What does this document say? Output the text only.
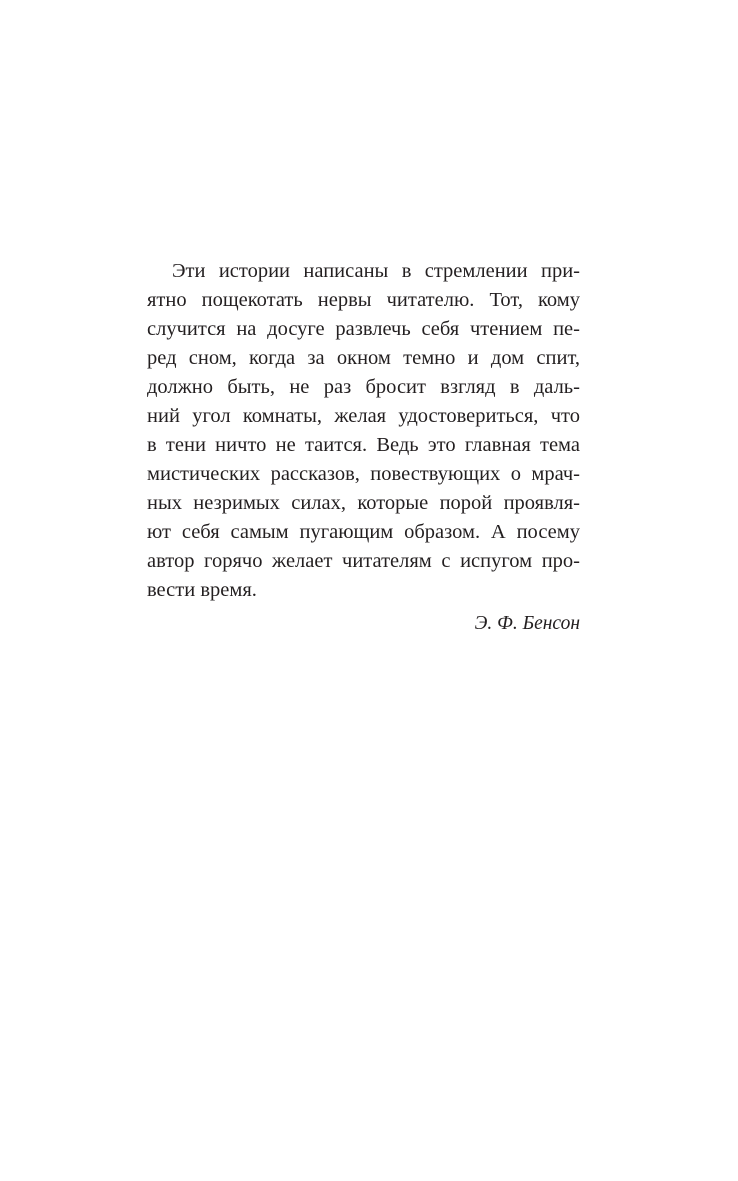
Эти истории написаны в стремлении при-
ятно пощекотать нервы читателю. Тот, кому
случится на досуге развлечь себя чтением пе-
ред сном, когда за окном темно и дом спит,
должно быть, не раз бросит взгляд в даль-
ний угол комнаты, желая удостовериться, что
в тени ничто не таится. Ведь это главная тема
мистических рассказов, повествующих о мрач-
ных незримых силах, которые порой проявля-
ют себя самым пугающим образом. А посему
автор горячо желает читателям с испугом про-
вести время.
Э. Ф. Бенсон
